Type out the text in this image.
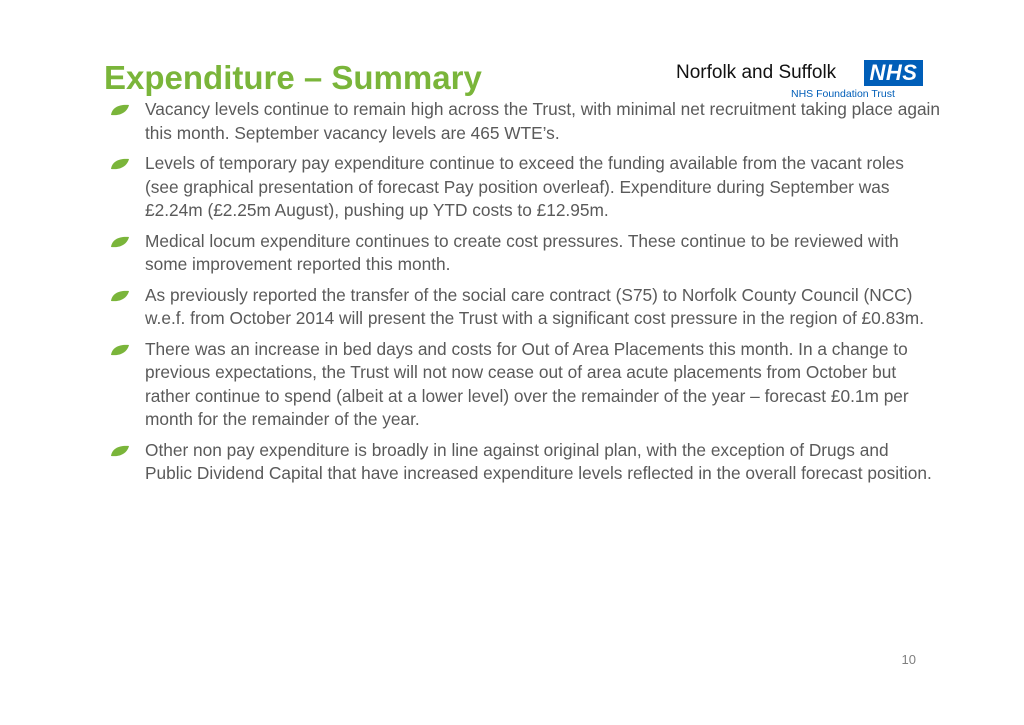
Expenditure – Summary	Norfolk and Suffolk NHS
NHS Foundation Trust
Vacancy levels continue to remain high across the Trust, with minimal net recruitment taking place again this month. September vacancy levels are 465 WTE’s.
Levels of temporary pay expenditure continue to exceed the funding available from the vacant roles (see graphical presentation of forecast Pay position overleaf). Expenditure during September was £2.24m (£2.25m August), pushing up YTD costs to £12.95m.
Medical locum expenditure continues to create cost pressures. These continue to be reviewed with some improvement reported this month.
As previously reported the transfer of the social care contract (S75) to Norfolk County Council (NCC) w.e.f. from October 2014 will present the Trust with a significant cost pressure in the region of £0.83m.
There was an increase in bed days and costs for Out of Area Placements this month. In a change to previous expectations, the Trust will not now cease out of area acute placements from October but rather continue to spend (albeit at a lower level) over the remainder of the year – forecast £0.1m per month for the remainder of the year.
Other non pay expenditure is broadly in line against original plan, with the exception of Drugs and Public Dividend Capital that have increased expenditure levels reflected in the overall forecast position.
10
